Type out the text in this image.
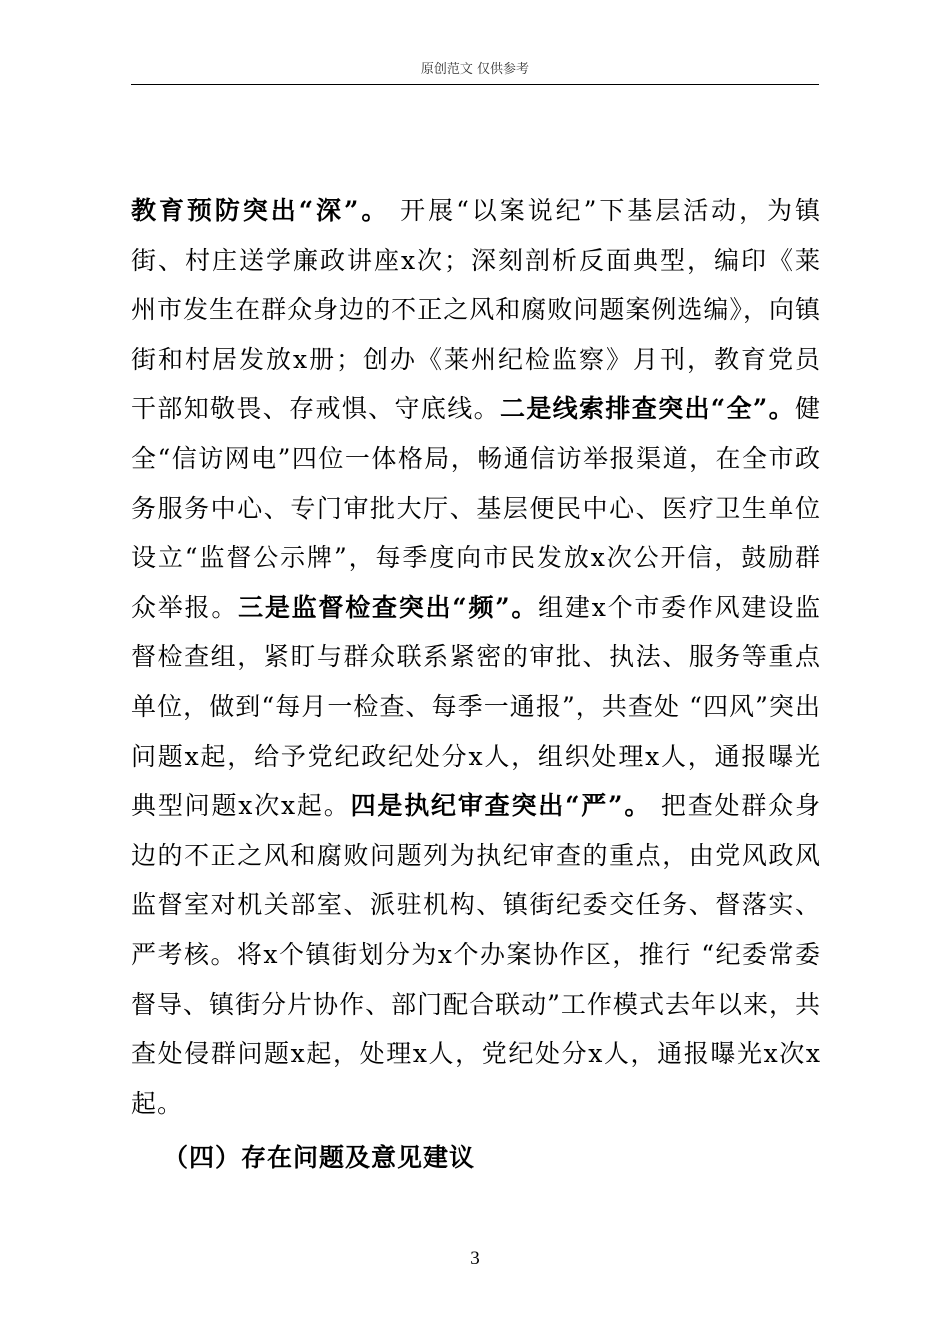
原创范文 仅供参考
教育预防突出“深”。 开展“以案说纪”下基层活动，为镇街、村庄送学廉政讲座x次；深刻剖析反面典型，编印《莱州市发生在群众身边的不正之风和腐败问题案例选编》，向镇街和村居发放x册；创办《莱州纪检监察》月刊，教育党员干部知敬畏、存戒惧、守底线。二是线索排查突出“全”。健全“信访网电”四位一体格局，畅通信访举报渠道，在全市政务服务中心、专门审批大厅、基层便民中心、医疗卫生单位设立“监督公示牌”，每季度向市民发放x次公开信，鼓励群众举报。三是监督检查突出“频”。组建x个市委作风建设监督检查组，紧盯与群众联系紧密的审批、执法、服务等重点单位，做到“每月一检查、每季一通报”，共查处 “四风”突出问题x起，给予党纪政纪处分x人，组织处理x人，通报曝光典型问题x次x起。四是执纪审查突出“严”。 把查处群众身边的不正之风和腐败问题列为执纪审查的重点，由党风政风监督室对机关部室、派驻机构、镇街纪委交任务、督落实、严考核。将x个镇街划分为x个办案协作区，推行 “纪委常委督导、镇街分片协作、部门配合联动”工作模式去年以来，共查处侵群问题x起，处理x人，党纪处分x人，通报曝光x次x起。
（四）存在问题及意见建议
3
